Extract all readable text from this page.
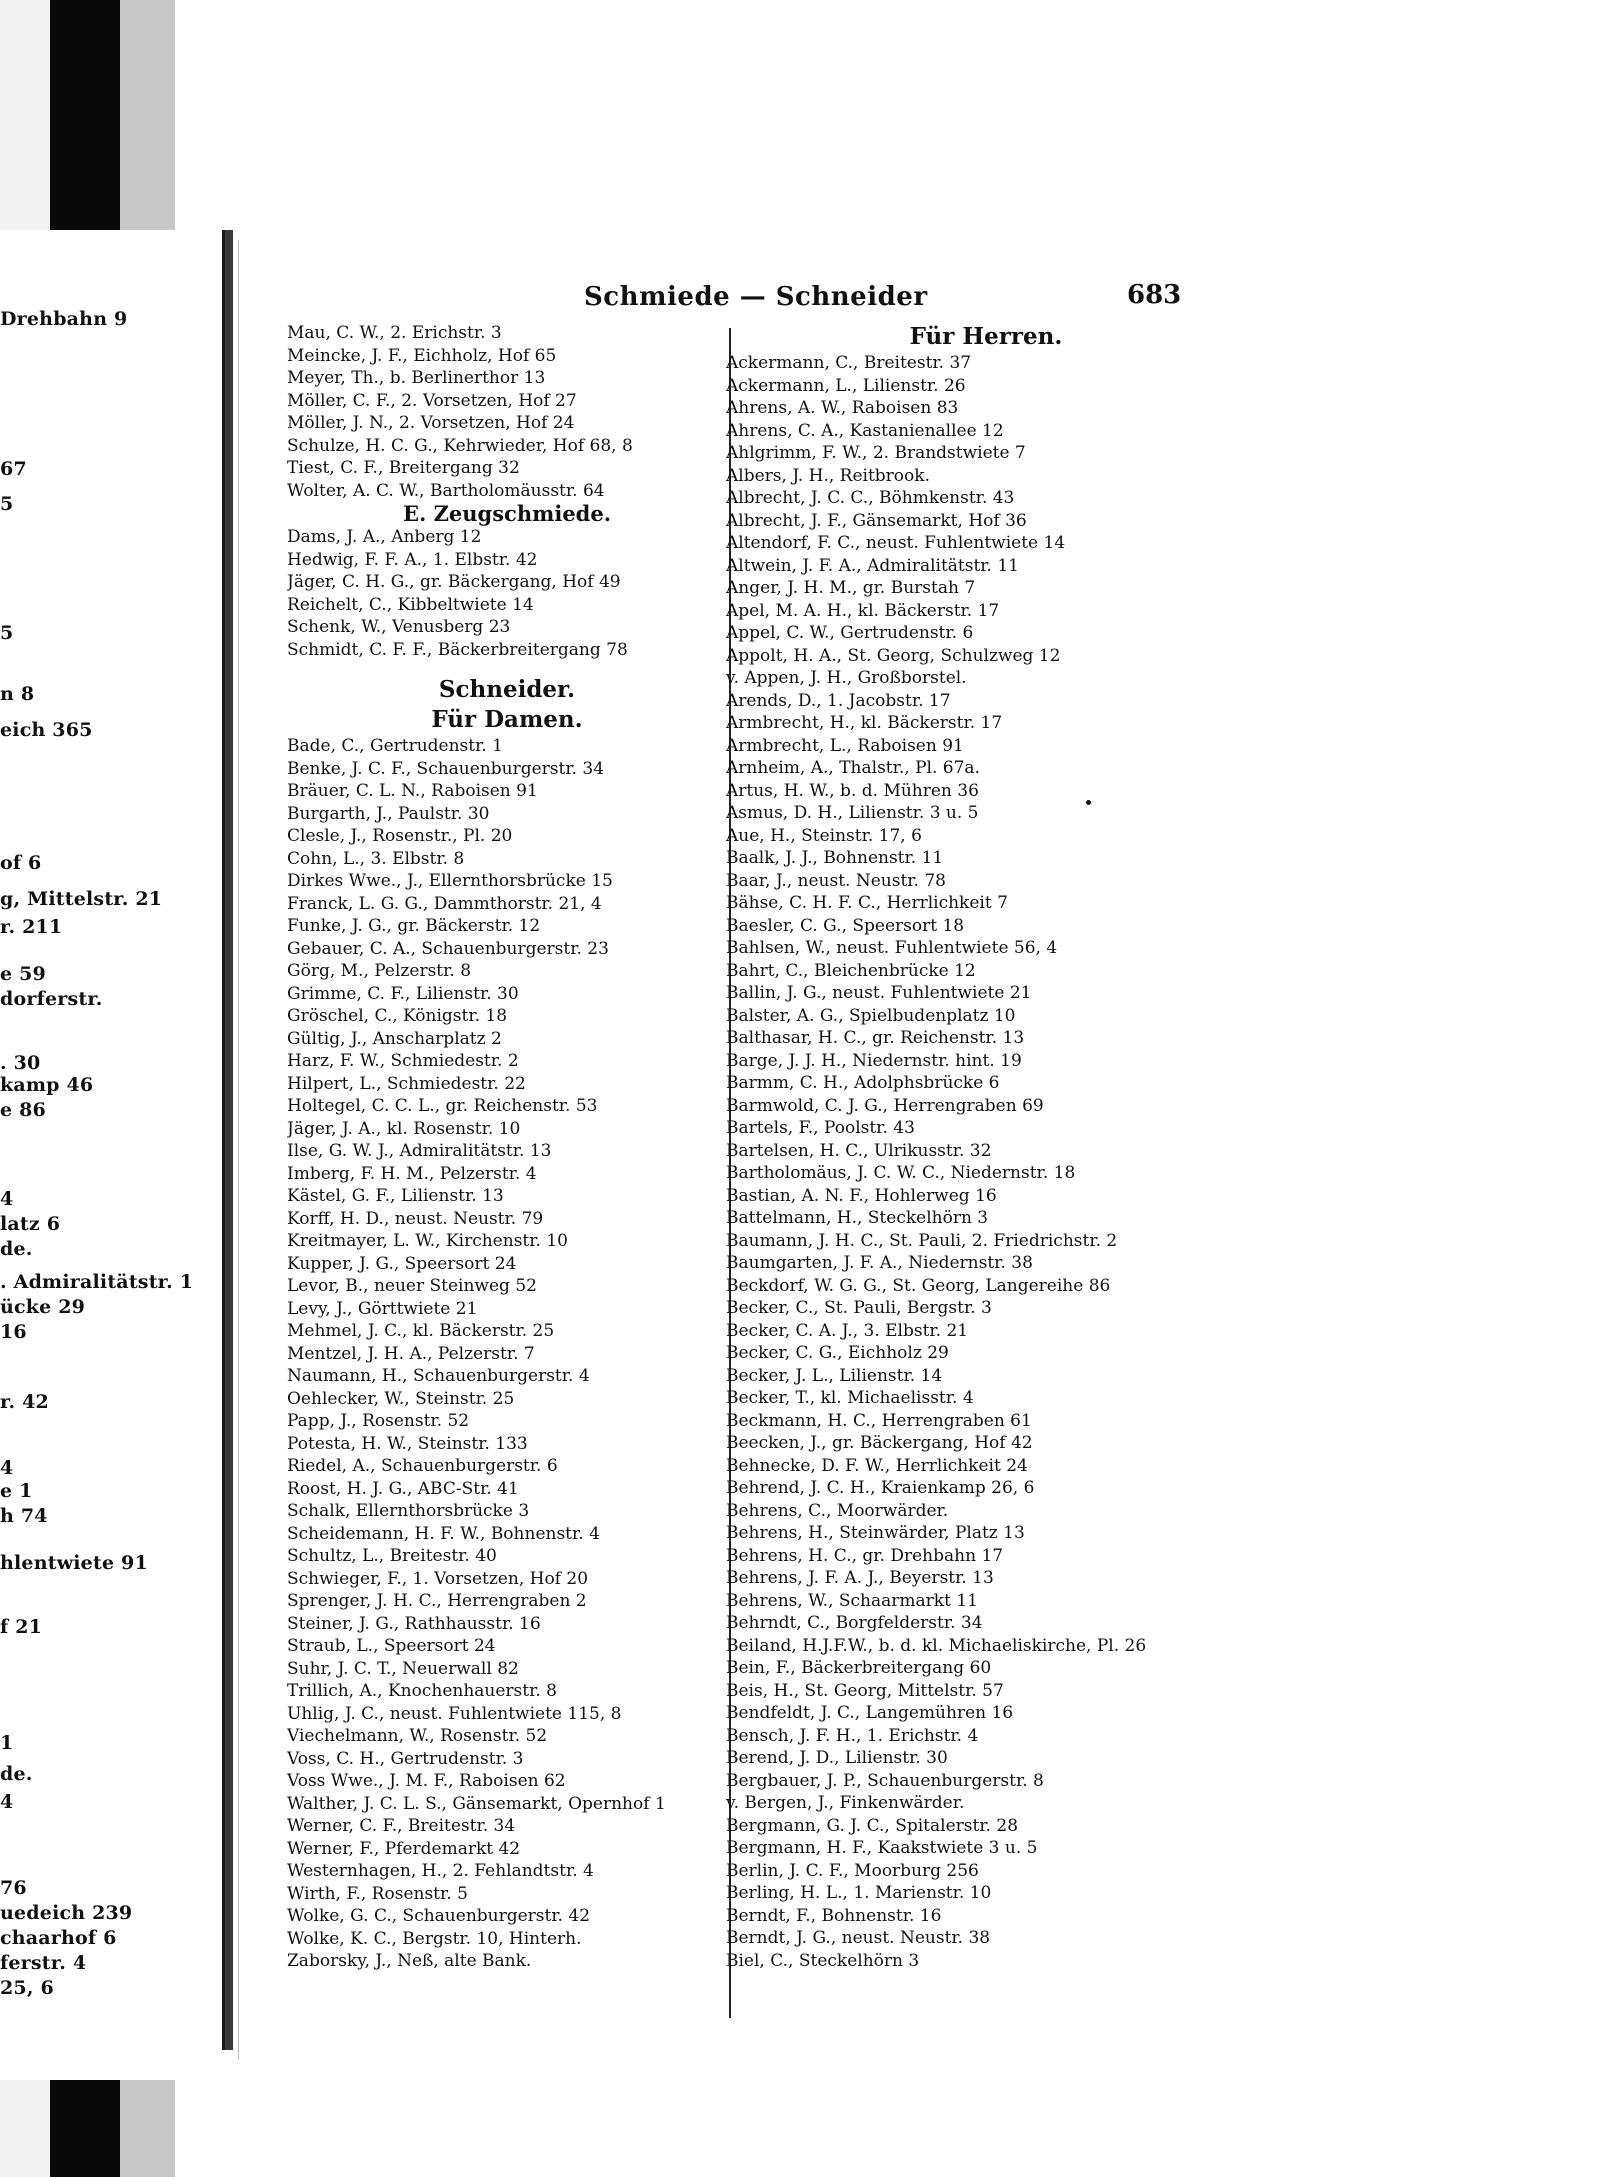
Drehbahn 9
67
5
5
n 8
eich 365
of 6
g, Mittelstr. 21
r. 211
e 59
dorferstr.
. 30
kamp 46
e 86
4
latz 6
de.
. Admiralitätstr. 1
ücke 29
16
r. 42
4
e 1
h 74
hlentwiete 91
f 21
1
de.
4
76
uedeich 239
chaarhof 6
ferstr. 4
25, 6
Schmiede — Schneider	683
Mau, C. W., 2. Erichstr. 3
Meincke, J. F., Eichholz, Hof 65
Meyer, Th., b. Berlinerthor 13
Möller, C. F., 2. Vorsetzen, Hof 27
Möller, J. N., 2. Vorsetzen, Hof 24
Schulze, H. C. G., Kehrwieder, Hof 68, 8
Tiest, C. F., Breitergang 32
Wolter, A. C. W., Bartholomäusstr. 64
E. Zeugschmiede.
Dams, J. A., Anberg 12
Hedwig, F. F. A., 1. Elbstr. 42
Jäger, C. H. G., gr. Bäckergang, Hof 49
Reichelt, C., Kibbeltwiete 14
Schenk, W., Venusberg 23
Schmidt, C. F. F., Bäckerbreitergang 78
Schneider.
Für Damen.
Bade, C., Gertrudenstr. 1
Benke, J. C. F., Schauenburgerstr. 34
Bräuer, C. L. N., Raboisen 91
Burgarth, J., Paulstr. 30
Clesle, J., Rosenstr., Pl. 20
Cohn, L., 3. Elbstr. 8
Dirkes Wwe., J., Ellernthorsbrücke 15
Franck, L. G. G., Dammthorstr. 21, 4
Funke, J. G., gr. Bäckerstr. 12
Gebauer, C. A., Schauenburgerstr. 23
Görg, M., Pelzerstr. 8
Grimme, C. F., Lilienstr. 30
Gröschel, C., Königstr. 18
Gültig, J., Anscharplatz 2
Harz, F. W., Schmiedestr. 2
Hilpert, L., Schmiedestr. 22
Holtegel, C. C. L., gr. Reichenstr. 53
Jäger, J. A., kl. Rosenstr. 10
Ilse, G. W. J., Admiralitätstr. 13
Imberg, F. H. M., Pelzerstr. 4
Kästel, G. F., Lilienstr. 13
Korff, H. D., neust. Neustr. 79
Kreitmayer, L. W., Kirchenstr. 10
Kupper, J. G., Speersort 24
Levor, B., neuer Steinweg 52
Levy, J., Görttwiete 21
Mehmel, J. C., kl. Bäckerstr. 25
Mentzel, J. H. A., Pelzerstr. 7
Naumann, H., Schauenburgerstr. 4
Oehlecker, W., Steinstr. 25
Papp, J., Rosenstr. 52
Potesta, H. W., Steinstr. 133
Riedel, A., Schauenburgerstr. 6
Roost, H. J. G., ABC-Str. 41
Schalk, Ellernthorsbrücke 3
Scheidemann, H. F. W., Bohnenstr. 4
Schultz, L., Breitestr. 40
Schwieger, F., 1. Vorsetzen, Hof 20
Sprenger, J. H. C., Herrengraben 2
Steiner, J. G., Rathhausstr. 16
Straub, L., Speersort 24
Suhr, J. C. T., Neuerwall 82
Trillich, A., Knochenhauerstr. 8
Uhlig, J. C., neust. Fuhlentwiete 115, 8
Viechelmann, W., Rosenstr. 52
Voss, C. H., Gertrudenstr. 3
Voss Wwe., J. M. F., Raboisen 62
Walther, J. C. L. S., Gänsemarkt, Opernhof 1
Werner, C. F., Breitestr. 34
Werner, F., Pferdemarkt 42
Westernhagen, H., 2. Fehlandtstr. 4
Wirth, F., Rosenstr. 5
Wolke, G. C., Schauenburgerstr. 42
Wolke, K. C., Bergstr. 10, Hinterh.
Zaborsky, J., Neß, alte Bank.
Für Herren.
Ackermann, C., Breitestr. 37
Ackermann, L., Lilienstr. 26
Ahrens, A. W., Raboisen 83
Ahrens, C. A., Kastanienallee 12
Ahlgrimm, F. W., 2. Brandstwiete 7
Albers, J. H., Reitbrook.
Albrecht, J. C. C., Böhmkenstr. 43
Albrecht, J. F., Gänsemarkt, Hof 36
Altendorf, F. C., neust. Fuhlentwiete 14
Altwein, J. F. A., Admiralitätstr. 11
Anger, J. H. M., gr. Burstah 7
Apel, M. A. H., kl. Bäckerstr. 17
Appel, C. W., Gertrudenstr. 6
Appolt, H. A., St. Georg, Schulzweg 12
v. Appen, J. H., Großborstel.
Arends, D., 1. Jacobstr. 17
Armbrecht, H., kl. Bäckerstr. 17
Armbrecht, L., Raboisen 91
Arnheim, A., Thalstr., Pl. 67a.
Artus, H. W., b. d. Mühren 36
Asmus, D. H., Lilienstr. 3 u. 5
Aue, H., Steinstr. 17, 6
Baalk, J. J., Bohnenstr. 11
Baar, J., neust. Neustr. 78
Bähse, C. H. F. C., Herrlichkeit 7
Baesler, C. G., Speersort 18
Bahlsen, W., neust. Fuhlentwiete 56, 4
Bahrt, C., Bleichenbrücke 12
Ballin, J. G., neust. Fuhlentwiete 21
Balster, A. G., Spielbudenplatz 10
Balthasar, H. C., gr. Reichenstr. 13
Barge, J. J. H., Niedernstr. hint. 19
Barmm, C. H., Adolphsbrücke 6
Barmwold, C. J. G., Herrengraben 69
Bartels, F., Poolstr. 43
Bartelsen, H. C., Ulrikusstr. 32
Bartholomäus, J. C. W. C., Niedernstr. 18
Bastian, A. N. F., Hohlerweg 16
Battelmann, H., Steckelhörn 3
Baumann, J. H. C., St. Pauli, 2. Friedrichstr. 2
Baumgarten, J. F. A., Niedernstr. 38
Beckdorf, W. G. G., St. Georg, Langereihe 86
Becker, C., St. Pauli, Bergstr. 3
Becker, C. A. J., 3. Elbstr. 21
Becker, C. G., Eichholz 29
Becker, J. L., Lilienstr. 14
Becker, T., kl. Michaelisstr. 4
Beckmann, H. C., Herrengraben 61
Beecken, J., gr. Bäckergang, Hof 42
Behnecke, D. F. W., Herrlichkeit 24
Behrend, J. C. H., Kraienkamp 26, 6
Behrens, C., Moorwärder.
Behrens, H., Steinwärder, Platz 13
Behrens, H. C., gr. Drehbahn 17
Behrens, J. F. A. J., Beyerstr. 13
Behrens, W., Schaarmarkt 11
Behrndt, C., Borgfelderstr. 34
Beiland, H.J.F.W., b. d. kl. Michaeliskirche, Pl. 26
Bein, F., Bäckerbreitergang 60
Beis, H., St. Georg, Mittelstr. 57
Bendfeldt, J. C., Langemühren 16
Bensch, J. F. H., 1. Erichstr. 4
Berend, J. D., Lilienstr. 30
Bergbauer, J. P., Schauenburgerstr. 8
v. Bergen, J., Finkenwärder.
Bergmann, G. J. C., Spitalerstr. 28
Bergmann, H. F., Kaakstwiete 3 u. 5
Berlin, J. C. F., Moorburg 256
Berling, H. L., 1. Marienstr. 10
Berndt, F., Bohnenstr. 16
Berndt, J. G., neust. Neustr. 38
Biel, C., Steckelhörn 3
